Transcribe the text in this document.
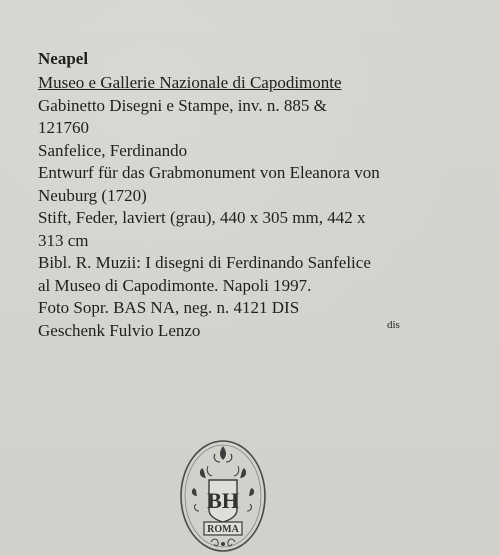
Neapel
Museo e Gallerie Nazionale di Capodimonte
Gabinetto Disegni e Stampe, inv. n. 885 &
121760
Sanfelice, Ferdinando
Entwurf für das Grabmonument von Eleanora von
Neuburg (1720)
Stift, Feder, laviert (grau), 440 x 305 mm, 442 x
313 cm
Bibl. R. Muzii: I disegni di Ferdinando Sanfelice
al Museo di Capodimonte. Napoli 1997.
Foto Sopr. BAS NA, neg. n. 4121 DIS
Geschenk Fulvio Lenzo	dis
BH
ROMA
